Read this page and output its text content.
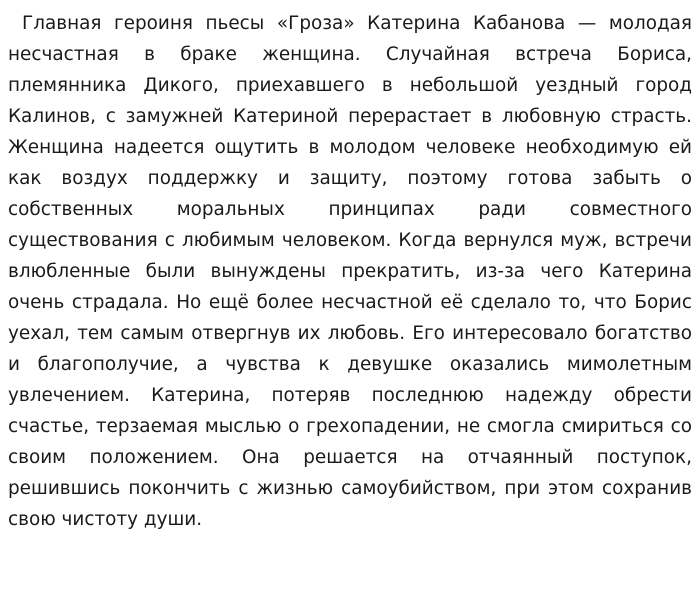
Главная героиня пьесы «Гроза» Катерина Кабанова — молодая несчастная в браке женщина. Случайная встреча Бориса, племянника Дикого, приехавшего в небольшой уездный город Калинов, с замужней Катериной перерастает в любовную страсть. Женщина надеется ощутить в молодом человеке необходимую ей как воздух поддержку и защиту, поэтому готова забыть о собственных моральных принципах ради совместного существования с любимым человеком. Когда вернулся муж, встречи влюбленные были вынуждены прекратить, из-за чего Катерина очень страдала. Но ещё более несчастной её сделало то, что Борис уехал, тем самым отвергнув их любовь. Его интересовало богатство и благополучие, а чувства к девушке оказались мимолетным увлечением. Катерина, потеряв последнюю надежду обрести счастье, терзаемая мыслью о грехопадении, не смогла смириться со своим положением. Она решается на отчаянный поступок, решившись покончить с жизнью самоубийством, при этом сохранив свою чистоту души.
